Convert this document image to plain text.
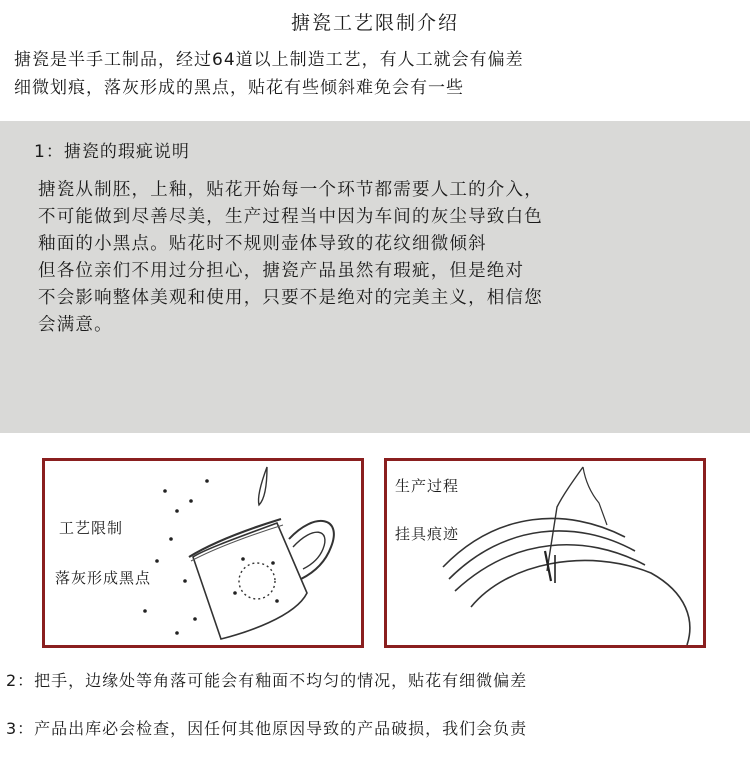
搪瓷工艺限制介绍
搪瓷是半手工制品，经过64道以上制造工艺，有人工就会有偏差
细微划痕，落灰形成的黑点，贴花有些倾斜难免会有一些
1：搪瓷的瑕疵说明
搪瓷从制胚，上釉，贴花开始每一个环节都需要人工的介入，
不可能做到尽善尽美，生产过程当中因为车间的灰尘导致白色
釉面的小黑点。贴花时不规则壶体导致的花纹细微倾斜
但各位亲们不用过分担心，搪瓷产品虽然有瑕疵，但是绝对
不会影响整体美观和使用，只要不是绝对的完美主义，相信您
会满意。
工艺限制
落灰形成黑点
生产过程
挂具痕迹
2：把手，边缘处等角落可能会有釉面不均匀的情况，贴花有细微偏差
3：产品出库必会检查，因任何其他原因导致的产品破损，我们会负责
